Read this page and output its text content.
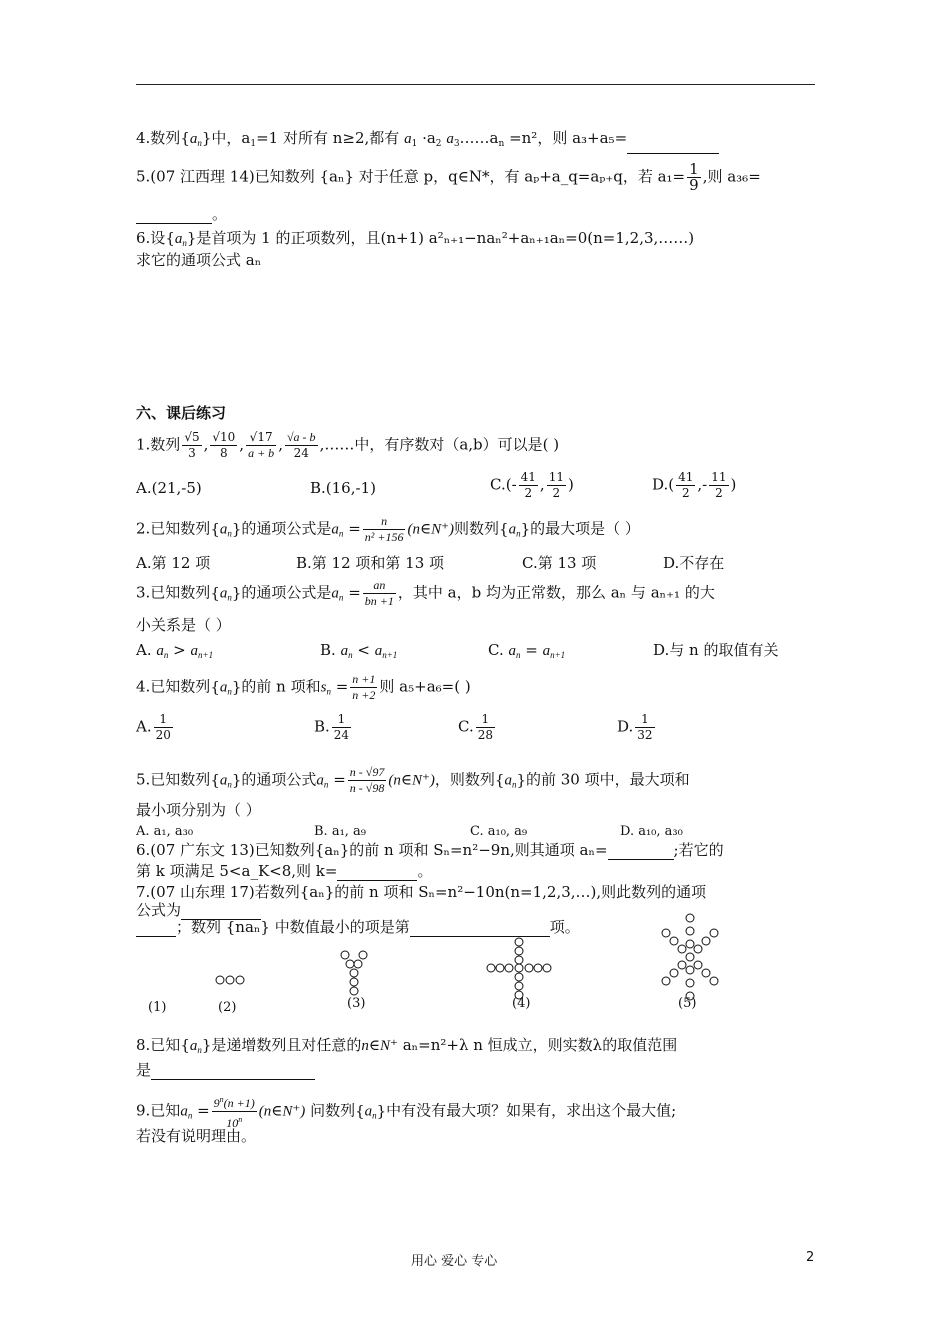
4.数列$\{a_n\}$中，$a_1=1$ 对所有 n≥2,都有 $a_1 \cdot a_2$ $a_3\dots\dots a_n =n^2$，则 a₃+a₅=
5.(07 江西理 14)已知数列 {aₙ} 对于任意 p，q∈N*，有 aₚ+a_q=aₚ₊q，若 $a_1= \frac{1}{9}$ ,则 a₃₆=
。
6.设$\{a_n\}$是首项为 1 的正项数列，且(n+1) a²ₙ₊₁−naₙ²+aₙ₊₁aₙ=0(n=1,2,3,……)
求它的通项公式 aₙ
六、课后练习
1.数列 $\frac{√5}{3}$ , $\frac{√10}{8}$ , $\frac{√17}{a + b}$ , $\frac{√a - b}{24}$ ,……中，有序数对（a,b）可以是( )
A.(21,-5)	B.(16,-1)	$C.(- \frac{41}{2}$ , $\frac{11}{2}$ )	$D.( \frac{41}{2}$ ,- $\frac{11}{2}$ )
2.已知数列$\{a_n\}$的通项公式是$a_n = \frac{n}{\text{n² +156}}$ (n∈N⁺)则数列$\{a_n\}$的最大项是（ ）
A.第 12 项	B.第 12 项和第 13 项	C.第 13 项	D.不存在
3.已知数列$\{a_n\}$的通项公式是$a_n = \frac{an}{bn +1}$ ，其中 a，b 均为正常数，那么 aₙ 与 aₙ₊₁ 的大
小关系是（ ）
A. $a_n > a_{n+1}$	B. $a_n < a_{n+1}$	C. $a_n = a_{n+1}$	D.与 n 的取值有关
4.已知数列$\{a_n\}$的前 n 项和$s_n = \frac{n +1}{n +2}$ 则 a₅+a₆=( )
A. $\frac{1}{20}$	B. $\frac{1}{24}$	C. $\frac{1}{28}$	D. $\frac{1}{32}$
5.已知数列$\{a_n\}$的通项公式$a_n = \frac{n - √97}{n - √98}$ (n∈N⁺)，则数列$\{a_n\}$的前 30 项中，最大项和
最小项分别为（ ）
A. a₁, a₃₀	B. a₁, a₉	C. a₁₀, a₉	D. a₁₀, a₃₀
6.(07 广东文 13)已知数列{aₙ}的前 n 项和 Sₙ=n²−9n,则其通项 aₙ=	;若它的
第 k 项满足 5<a_K<8,则 k=	。
7.(07 山东理 17)若数列{aₙ}的前 n 项和 Sₙ=n²−10n(n=1,2,3,…),则此数列的通项
公式为
；数列 {naₙ} 中数值最小的项是第	项。
(1)	(2)	(3)	(4)	(5)
8.已知$\{a_n\}$是递增数列且对任意的n∈N⁺ aₙ=n²+λ n 恒成立，则实数λ的取值范围
是
9.已知$a_n = \frac{9^n(n +1)}{10^n}$ (n∈N⁺) 问数列$\{a_n\}$中有没有最大项？如果有，求出这个最大值;
若没有说明理由。
用心 爱心 专心	2
